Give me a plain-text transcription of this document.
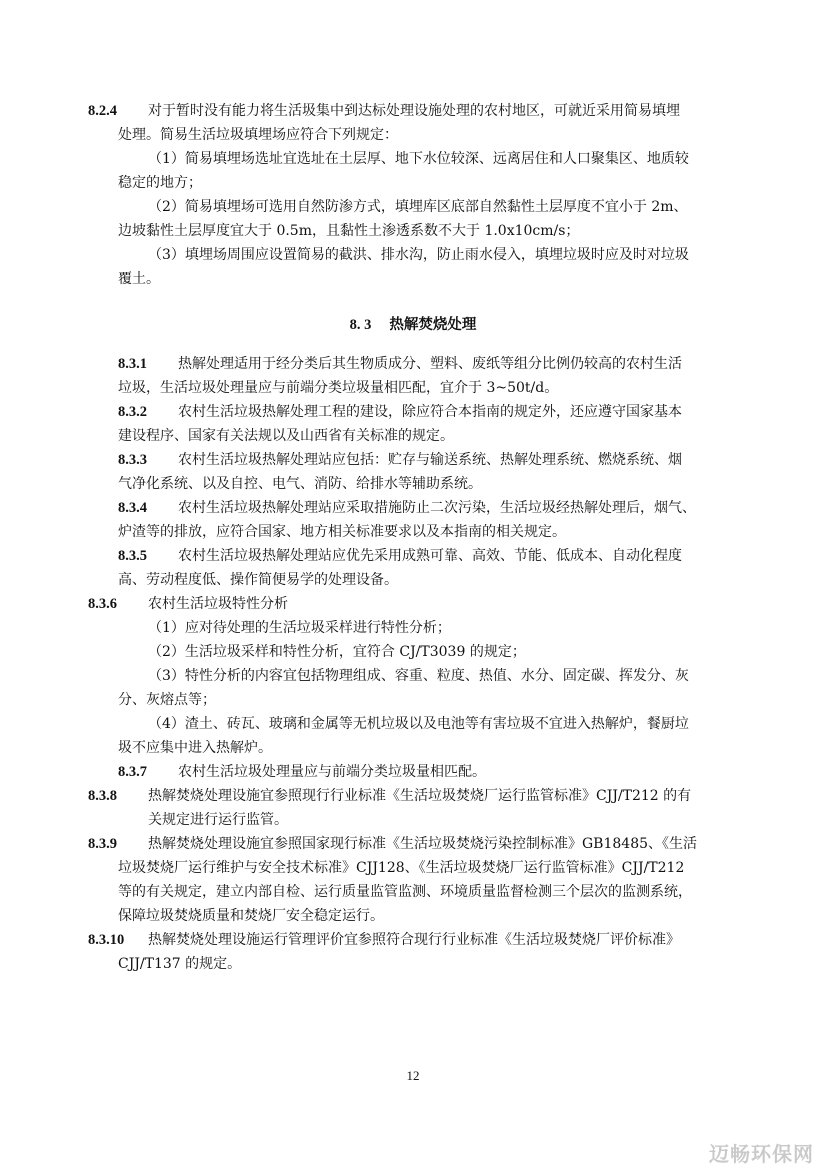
8.2.4 对于暂时没有能力将生活圾集中到达标处理设施处理的农村地区，可就近采用简易填埋
处理。简易生活垃圾填埋场应符合下列规定：
（1）简易填埋场选址宜选址在土层厚、地下水位较深、远离居住和人口聚集区、地质较
稳定的地方；
（2）简易填埋场可选用自然防渗方式，填埋库区底部自然黏性土层厚度不宜小于 2m、
边坡黏性土层厚度宜大于 0.5m，且黏性土渗透系数不大于 1.0x10cm/s；
（3）填埋场周围应设置简易的截洪、排水沟，防止雨水侵入，填埋垃圾时应及时对垃圾
覆土。
8. 3 热解焚烧处理
8.3.1 热解处理适用于经分类后其生物质成分、塑料、废纸等组分比例仍较高的农村生活
垃圾，生活垃圾处理量应与前端分类垃圾量相匹配，宜介于 3~50t/d。
8.3.2 农村生活垃圾热解处理工程的建设，除应符合本指南的规定外，还应遵守国家基本
建设程序、国家有关法规以及山西省有关标准的规定。
8.3.3 农村生活垃圾热解处理站应包括：贮存与输送系统、热解处理系统、燃烧系统、烟
气净化系统、以及自控、电气、消防、给排水等辅助系统。
8.3.4 农村生活垃圾热解处理站应采取措施防止二次污染，生活垃圾经热解处理后，烟气、
炉渣等的排放，应符合国家、地方相关标准要求以及本指南的相关规定。
8.3.5 农村生活垃圾热解处理站应优先采用成熟可靠、高效、节能、低成本、自动化程度
高、劳动程度低、操作简便易学的处理设备。
8.3.6 农村生活垃圾特性分析
（1）应对待处理的生活垃圾采样进行特性分析；
（2）生活垃圾采样和特性分析，宜符合 CJ/T3039 的规定；
（3）特性分析的内容宜包括物理组成、容重、粒度、热值、水分、固定碳、挥发分、灰
分、灰熔点等；
（4）渣土、砖瓦、玻璃和金属等无机垃圾以及电池等有害垃圾不宜进入热解炉，餐厨垃
圾不应集中进入热解炉。
8.3.7 农村生活垃圾处理量应与前端分类垃圾量相匹配。
8.3.8 热解焚烧处理设施宜参照现行行业标准《生活垃圾焚烧厂运行监管标准》CJJ/T212 的有
关规定进行运行监管。
8.3.9 热解焚烧处理设施宜参照国家现行标准《生活垃圾焚烧污染控制标准》GB18485、《生活
垃圾焚烧厂运行维护与安全技术标准》CJJ128、《生活垃圾焚烧厂运行监管标准》CJJ/T212
等的有关规定，建立内部自检、运行质量监管监测、环境质量监督检测三个层次的监测系统，
保障垃圾焚烧质量和焚烧厂安全稳定运行。
8.3.10 热解焚烧处理设施运行管理评价宜参照符合现行行业标准《生活垃圾焚烧厂评价标准》
CJJ/T137 的规定。
12
迈畅环保网
